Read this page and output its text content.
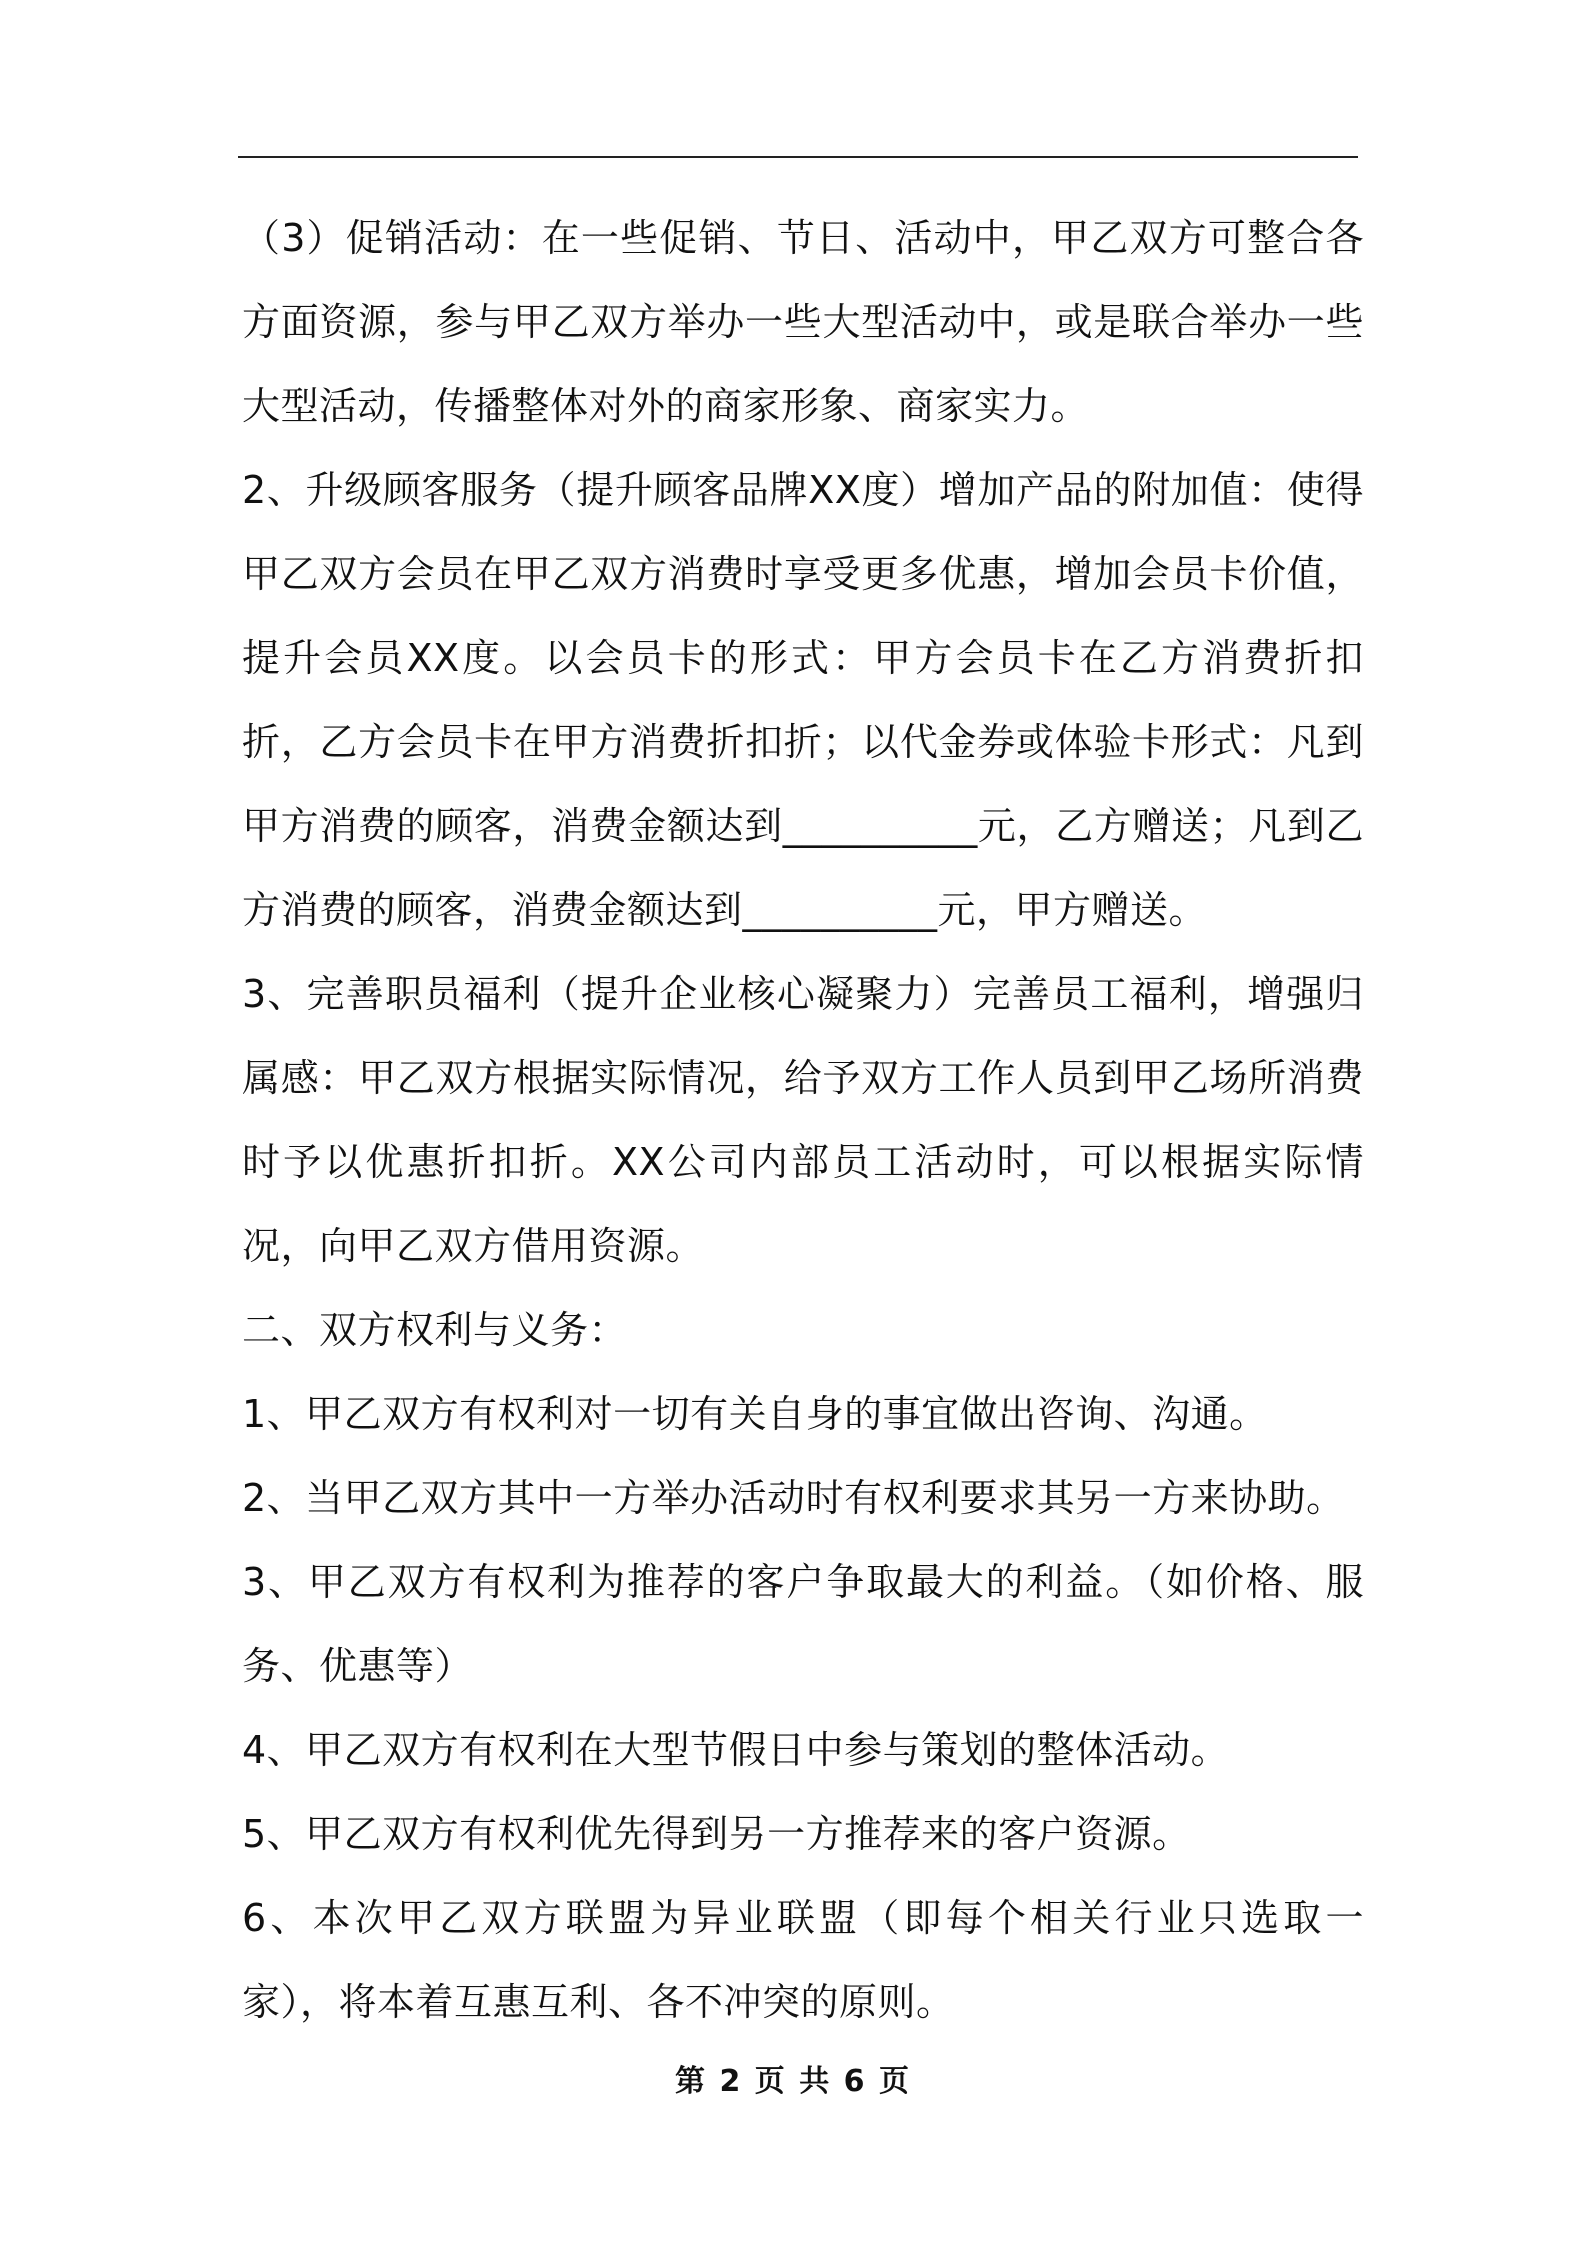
（3）促销活动：在一些促销、节日、活动中，甲乙双方可整合各方面资源，参与甲乙双方举办一些大型活动中，或是联合举办一些大型活动，传播整体对外的商家形象、商家实力。

2、升级顾客服务（提升顾客品牌XX度）增加产品的附加值：使得甲乙双方会员在甲乙双方消费时享受更多优惠，增加会员卡价值，提升会员XX度。以会员卡的形式：甲方会员卡在乙方消费折扣折，乙方会员卡在甲方消费折扣折；以代金券或体验卡形式：凡到甲方消费的顾客，消费金额达到__________元，乙方赠送；凡到乙方消费的顾客，消费金额达到__________元，甲方赠送。

3、完善职员福利（提升企业核心凝聚力）完善员工福利，增强归属感：甲乙双方根据实际情况，给予双方工作人员到甲乙场所消费时予以优惠折扣折。XX公司内部员工活动时，可以根据实际情况，向甲乙双方借用资源。

二、双方权利与义务：

1、甲乙双方有权利对一切有关自身的事宜做出咨询、沟通。

2、当甲乙双方其中一方举办活动时有权利要求其另一方来协助。

3、甲乙双方有权利为推荐的客户争取最大的利益。（如价格、服务、优惠等）

4、甲乙双方有权利在大型节假日中参与策划的整体活动。

5、甲乙双方有权利优先得到另一方推荐来的客户资源。

6、本次甲乙双方联盟为异业联盟（即每个相关行业只选取一家），将本着互惠互利、各不冲突的原则。

第 2 页 共 6 页
